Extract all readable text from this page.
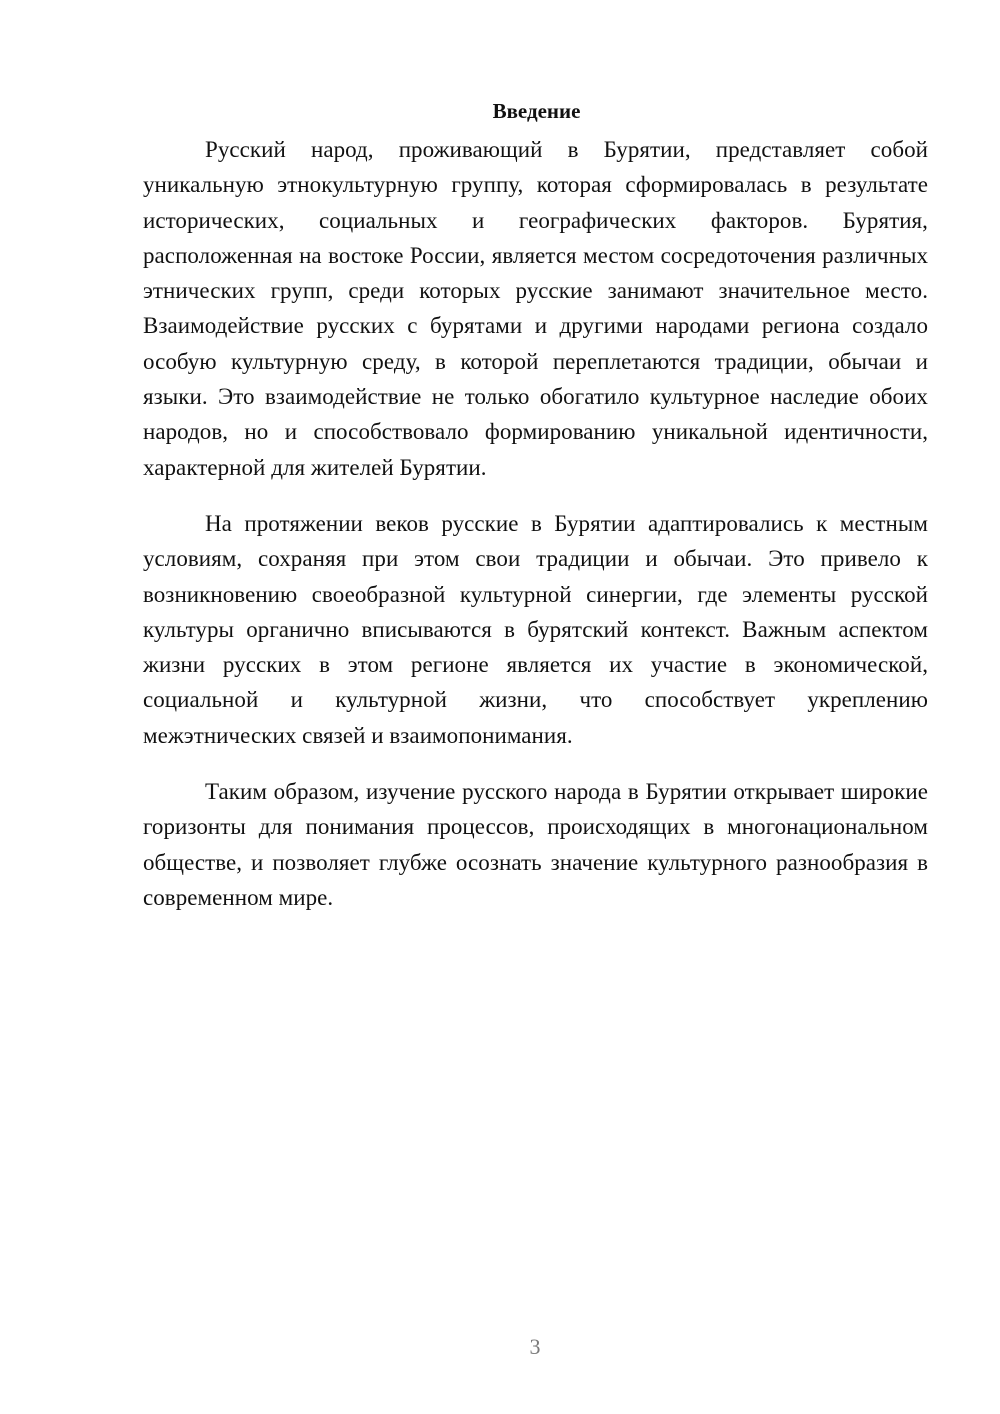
Введение

Русский народ, проживающий в Бурятии, представляет собой уникальную этнокультурную группу, которая сформировалась в результате исторических, социальных и географических факторов. Бурятия, расположенная на востоке России, является местом сосредоточения различных этнических групп, среди которых русские занимают значительное место. Взаимодействие русских с бурятами и другими народами региона создало особую культурную среду, в которой переплетаются традиции, обычаи и языки. Это взаимодействие не только обогатило культурное наследие обоих народов, но и способствовало формированию уникальной идентичности, характерной для жителей Бурятии.

На протяжении веков русские в Бурятии адаптировались к местным условиям, сохраняя при этом свои традиции и обычаи. Это привело к возникновению своеобразной культурной синергии, где элементы русской культуры органично вписываются в бурятский контекст. Важным аспектом жизни русских в этом регионе является их участие в экономической, социальной и культурной жизни, что способствует укреплению межэтнических связей и взаимопонимания.

Таким образом, изучение русского народа в Бурятии открывает широкие горизонты для понимания процессов, происходящих в многонациональном обществе, и позволяет глубже осознать значение культурного разнообразия в современном мире.

3
